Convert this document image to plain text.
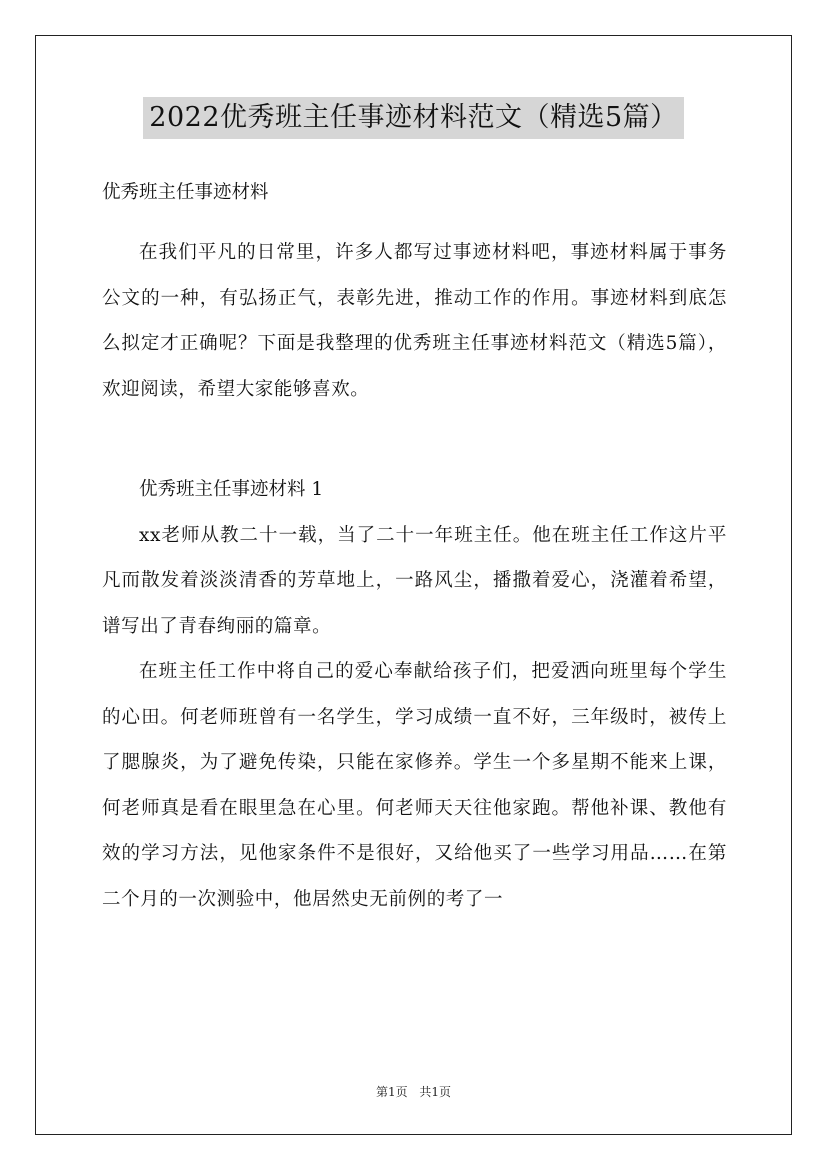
2022优秀班主任事迹材料范文（精选5篇）

优秀班主任事迹材料

在我们平凡的日常里，许多人都写过事迹材料吧，事迹材料属于事务公文的一种，有弘扬正气，表彰先进，推动工作的作用。事迹材料到底怎么拟定才正确呢？下面是我整理的优秀班主任事迹材料范文（精选5篇），欢迎阅读，希望大家能够喜欢。

优秀班主任事迹材料 1

xx老师从教二十一载，当了二十一年班主任。他在班主任工作这片平凡而散发着淡淡清香的芳草地上，一路风尘，播撒着爱心，浇灌着希望，谱写出了青春绚丽的篇章。

在班主任工作中将自己的爱心奉献给孩子们，把爱洒向班里每个学生的心田。何老师班曾有一名学生，学习成绩一直不好，三年级时，被传上了腮腺炎，为了避免传染，只能在家修养。学生一个多星期不能来上课，何老师真是看在眼里急在心里。何老师天天往他家跑。帮他补课、教他有效的学习方法，见他家条件不是很好，又给他买了一些学习用品……在第二个月的一次测验中，他居然史无前例的考了一

第1页 共1页
